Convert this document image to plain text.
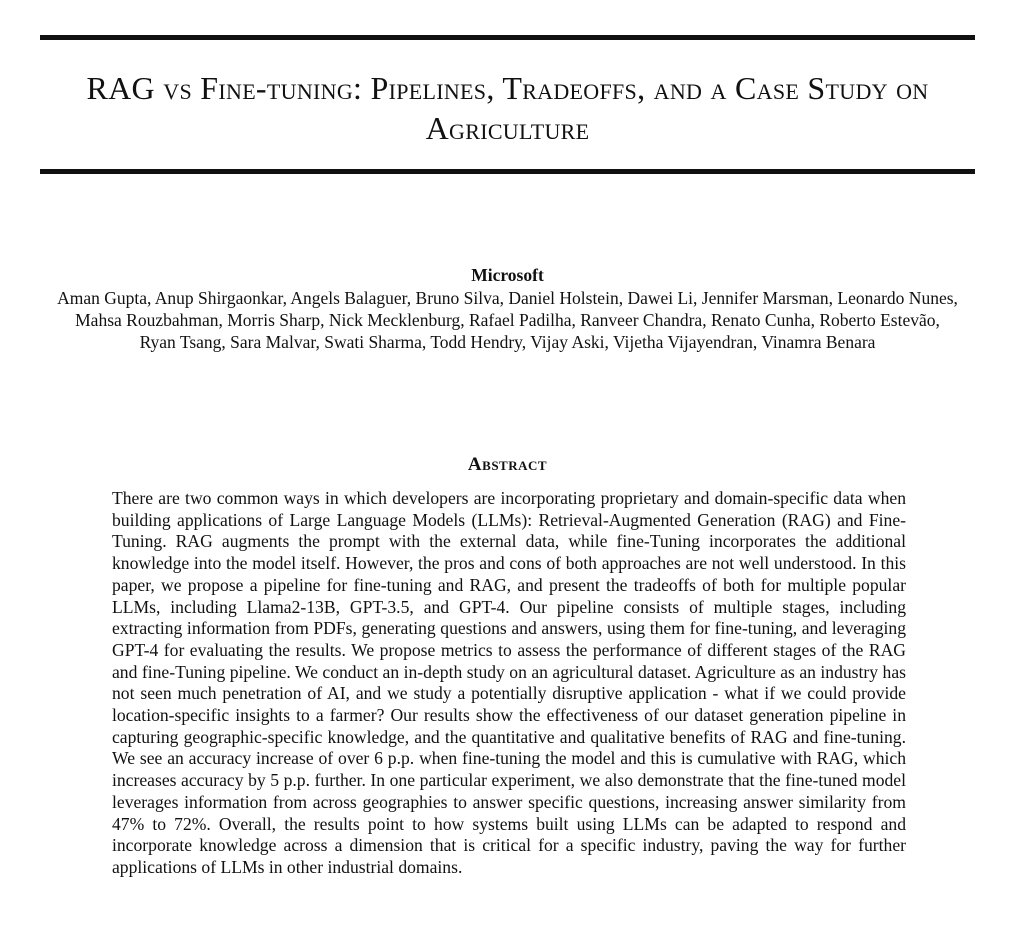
RAG vs Fine-tuning: Pipelines, Tradeoffs, and a Case Study on Agriculture

Microsoft

Aman Gupta, Anup Shirgaonkar, Angels Balaguer, Bruno Silva, Daniel Holstein, Dawei Li, Jennifer Marsman, Leonardo Nunes, Mahsa Rouzbahman, Morris Sharp, Nick Mecklenburg, Rafael Padilha, Ranveer Chandra, Renato Cunha, Roberto Estevão, Ryan Tsang, Sara Malvar, Swati Sharma, Todd Hendry, Vijay Aski, Vijetha Vijayendran, Vinamra Benara

Abstract

There are two common ways in which developers are incorporating proprietary and domain-specific data when building applications of Large Language Models (LLMs): Retrieval-Augmented Generation (RAG) and Fine-Tuning. RAG augments the prompt with the external data, while fine-Tuning incorporates the additional knowledge into the model itself. However, the pros and cons of both approaches are not well understood. In this paper, we propose a pipeline for fine-tuning and RAG, and present the tradeoffs of both for multiple popular LLMs, including Llama2-13B, GPT-3.5, and GPT-4. Our pipeline consists of multiple stages, including extracting information from PDFs, generating questions and answers, using them for fine-tuning, and leveraging GPT-4 for evaluating the results. We propose metrics to assess the performance of different stages of the RAG and fine-Tuning pipeline. We conduct an in-depth study on an agricultural dataset. Agriculture as an industry has not seen much penetration of AI, and we study a potentially disruptive application - what if we could provide location-specific insights to a farmer? Our results show the effectiveness of our dataset generation pipeline in capturing geographic-specific knowledge, and the quantitative and qualitative benefits of RAG and fine-tuning. We see an accuracy increase of over 6 p.p. when fine-tuning the model and this is cumulative with RAG, which increases accuracy by 5 p.p. further. In one particular experiment, we also demonstrate that the fine-tuned model leverages information from across geographies to answer specific questions, increasing answer similarity from 47% to 72%. Overall, the results point to how systems built using LLMs can be adapted to respond and incorporate knowledge across a dimension that is critical for a specific industry, paving the way for further applications of LLMs in other industrial domains.
